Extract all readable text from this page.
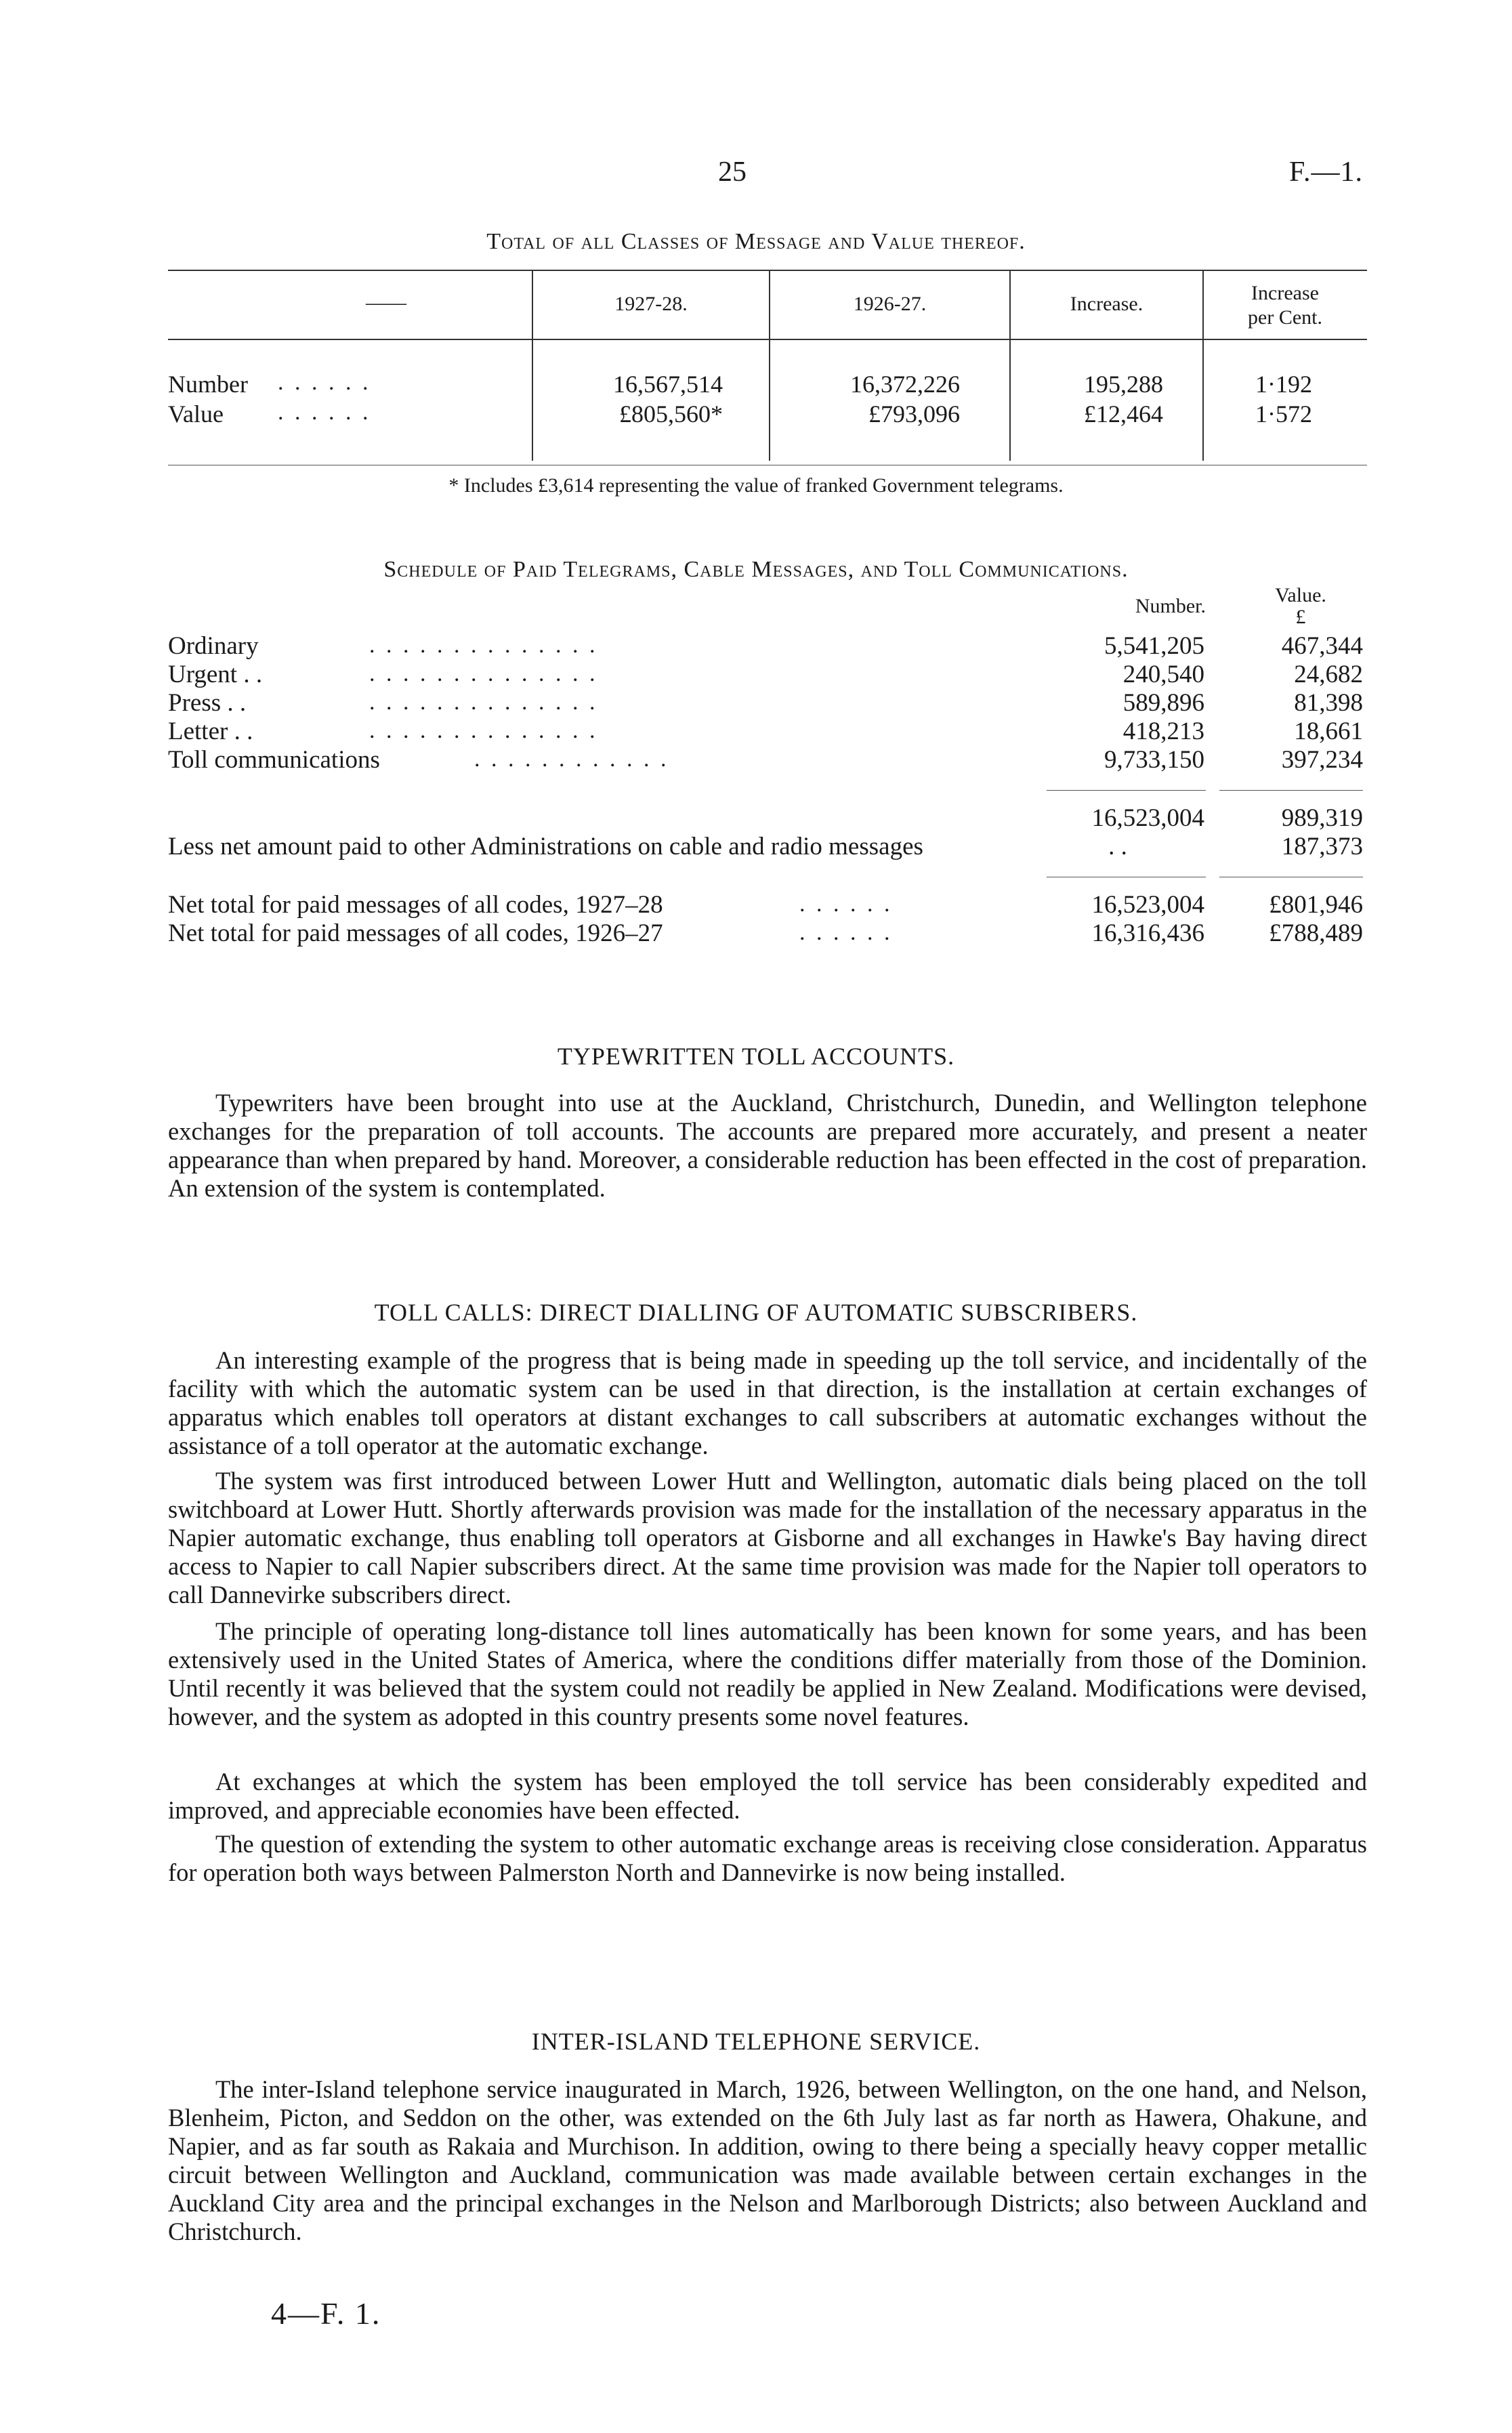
25	F.—1.
Total of all Classes of Message and Value thereof.
——	1927-28.	1926-27.	Increase.	Increase
per Cent.
Number . . . . . .	16,567,514	16,372,226	195,288	1·192
Value . . . . . .	£805,560*	£793,096	£12,464	1·572
* Includes £3,614 representing the value of franked Government telegrams.
Schedule of Paid Telegrams, Cable Messages, and Toll Communications.
Number.	Value.
£
Ordinary	. . . . . . . . . . . . . .	5,541,205	467,344
Urgent . .	. . . . . . . . . . . . . .	240,540	24,682
Press . .	. . . . . . . . . . . . . .	589,896	81,398
Letter . .	. . . . . . . . . . . . . .	418,213	18,661
Toll communications	. . . . . . . . . . . .	9,733,150	397,234
16,523,004	989,319
Less net amount paid to other Administrations on cable and radio messages	. .	187,373
Net total for paid messages of all codes, 1927–28	. . . . . .	16,523,004	£801,946
Net total for paid messages of all codes, 1926–27	. . . . . .	16,316,436	£788,489
TYPEWRITTEN TOLL ACCOUNTS.

Typewriters have been brought into use at the Auckland, Christchurch, Dunedin, and Wellington telephone exchanges for the preparation of toll accounts. The accounts are prepared more accurately, and present a neater appearance than when prepared by hand. Moreover, a considerable reduction has been effected in the cost of preparation. An extension of the system is contemplated.

TOLL CALLS: DIRECT DIALLING OF AUTOMATIC SUBSCRIBERS.

An interesting example of the progress that is being made in speeding up the toll service, and incidentally of the facility with which the automatic system can be used in that direction, is the installation at certain exchanges of apparatus which enables toll operators at distant exchanges to call subscribers at automatic exchanges without the assistance of a toll operator at the automatic exchange.

The system was first introduced between Lower Hutt and Wellington, automatic dials being placed on the toll switchboard at Lower Hutt. Shortly afterwards provision was made for the installation of the necessary apparatus in the Napier automatic exchange, thus enabling toll operators at Gisborne and all exchanges in Hawke's Bay having direct access to Napier to call Napier subscribers direct. At the same time provision was made for the Napier toll operators to call Dannevirke subscribers direct.

The principle of operating long-distance toll lines automatically has been known for some years, and has been extensively used in the United States of America, where the conditions differ materially from those of the Dominion. Until recently it was believed that the system could not readily be applied in New Zealand. Modifications were devised, however, and the system as adopted in this country presents some novel features.

At exchanges at which the system has been employed the toll service has been considerably expedited and improved, and appreciable economies have been effected.

The question of extending the system to other automatic exchange areas is receiving close consideration. Apparatus for operation both ways between Palmerston North and Dannevirke is now being installed.

INTER-ISLAND TELEPHONE SERVICE.

The inter-Island telephone service inaugurated in March, 1926, between Wellington, on the one hand, and Nelson, Blenheim, Picton, and Seddon on the other, was extended on the 6th July last as far north as Hawera, Ohakune, and Napier, and as far south as Rakaia and Murchison. In addition, owing to there being a specially heavy copper metallic circuit between Wellington and Auckland, communication was made available between certain exchanges in the Auckland City area and the principal exchanges in the Nelson and Marlborough Districts; also between Auckland and Christchurch.

4—F. 1.
